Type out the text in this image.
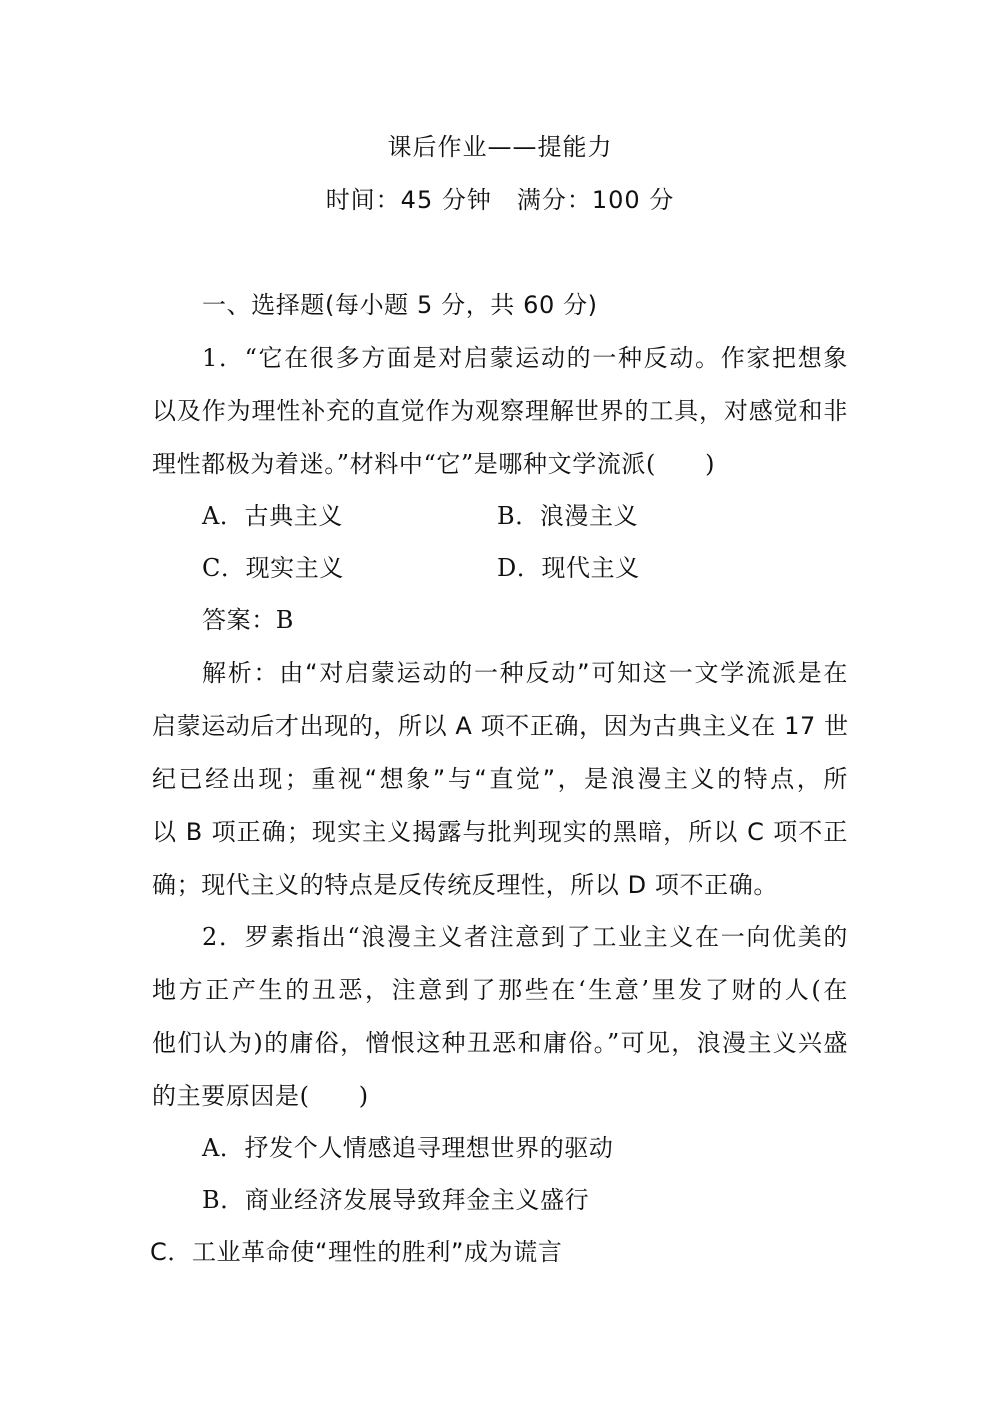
课后作业——提能力
时间：45 分钟　满分：100 分
一、选择题(每小题 5 分，共 60 分)
1．“它在很多方面是对启蒙运动的一种反动。作家把想象
以及作为理性补充的直觉作为观察理解世界的工具，对感觉和非
理性都极为着迷。”材料中“它”是哪种文学流派(　　)
A．古典主义	B．浪漫主义
C．现实主义	D．现代主义
答案：B
解析：由“对启蒙运动的一种反动”可知这一文学流派是在
启蒙运动后才出现的，所以 A 项不正确，因为古典主义在 17 世
纪已经出现；重视“想象”与“直觉”，是浪漫主义的特点，所
以 B 项正确；现实主义揭露与批判现实的黑暗，所以 C 项不正
确；现代主义的特点是反传统反理性，所以 D 项不正确。
2．罗素指出“浪漫主义者注意到了工业主义在一向优美的
地方正产生的丑恶，注意到了那些在‘生意’里发了财的人(在
他们认为)的庸俗，憎恨这种丑恶和庸俗。”可见，浪漫主义兴盛
的主要原因是(　　)
A．抒发个人情感追寻理想世界的驱动
B．商业经济发展导致拜金主义盛行
C．工业革命使“理性的胜利”成为谎言
